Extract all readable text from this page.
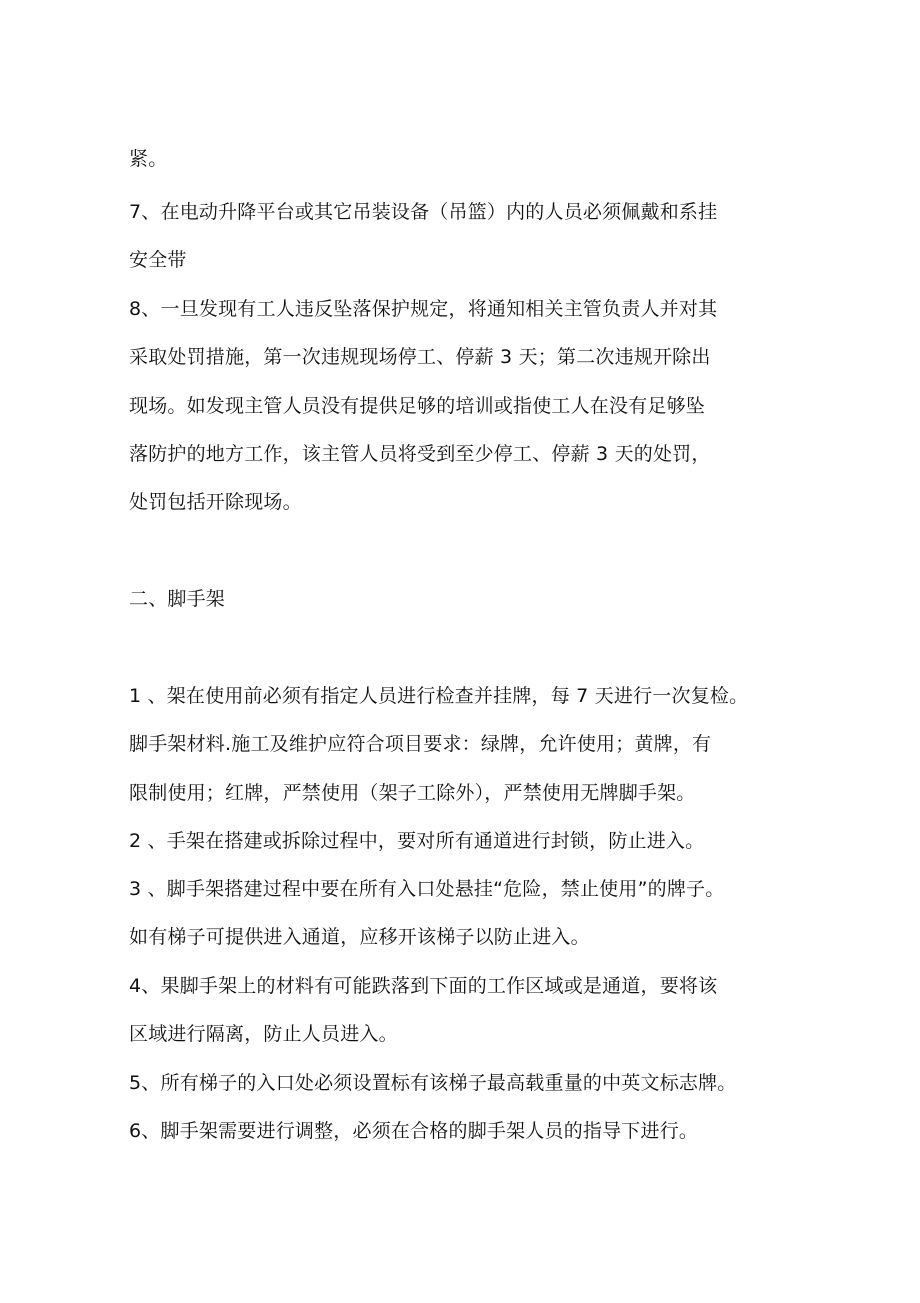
紧。
7、在电动升降平台或其它吊装设备（吊篮）内的人员必须佩戴和系挂
安全带
8、一旦发现有工人违反坠落保护规定，将通知相关主管负责人并对其
采取处罚措施，第一次违规现场停工、停薪 3 天；第二次违规开除出
现场。如发现主管人员没有提供足够的培训或指使工人在没有足够坠
落防护的地方工作，该主管人员将受到至少停工、停薪 3 天的处罚，
处罚包括开除现场。
二、脚手架
1 、架在使用前必须有指定人员进行检查并挂牌，每 7 天进行一次复检。
脚手架材料.施工及维护应符合项目要求：绿牌，允许使用；黄牌，有
限制使用；红牌，严禁使用（架子工除外），严禁使用无牌脚手架。
2 、手架在搭建或拆除过程中，要对所有通道进行封锁，防止进入。
3 、脚手架搭建过程中要在所有入口处悬挂“危险，禁止使用”的牌子。
如有梯子可提供进入通道，应移开该梯子以防止进入。
4、果脚手架上的材料有可能跌落到下面的工作区域或是通道，要将该
区域进行隔离，防止人员进入。
5、所有梯子的入口处必须设置标有该梯子最高载重量的中英文标志牌。
6、脚手架需要进行调整，必须在合格的脚手架人员的指导下进行。
